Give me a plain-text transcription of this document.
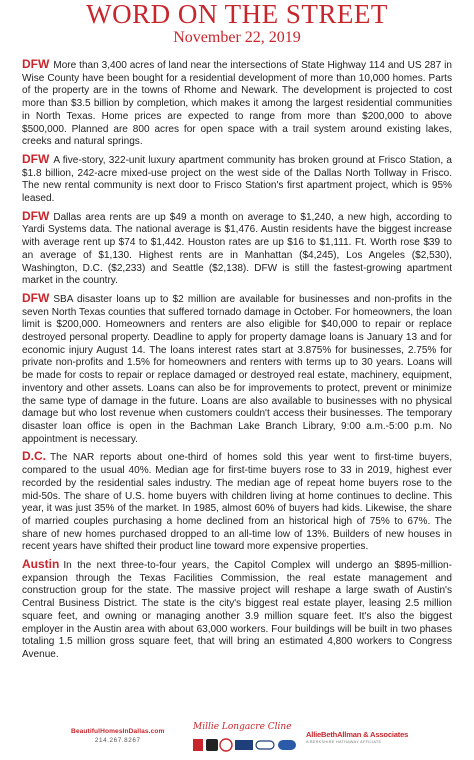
WORD ON THE STREET
November 22, 2019

DFW More than 3,400 acres of land near the intersections of State Highway 114 and US 287 in Wise County have been bought for a residential development of more than 10,000 homes. Parts of the property are in the towns of Rhome and Newark. The development is projected to cost more than $3.5 billion by completion, which makes it among the largest residential communities in North Texas. Home prices are expected to range from more than $200,000 to above $500,000. Planned are 800 acres for open space with a trail system around existing lakes, creeks and natural springs.

DFW A five-story, 322-unit luxury apartment community has broken ground at Frisco Station, a $1.8 billion, 242-acre mixed-use project on the west side of the Dallas North Tollway in Frisco. The new rental community is next door to Frisco Station's first apartment project, which is 95% leased.

DFW Dallas area rents are up $49 a month on average to $1,240, a new high, according to Yardi Systems data. The national average is $1,476. Austin residents have the biggest increase with average rent up $74 to $1,442. Houston rates are up $16 to $1,111. Ft. Worth rose $39 to an average of $1,130. Highest rents are in Manhattan ($4,245), Los Angeles ($2,530), Washington, D.C. ($2,233) and Seattle ($2,138). DFW is still the fastest-growing apartment market in the country.

DFW SBA disaster loans up to $2 million are available for businesses and non-profits in the seven North Texas counties that suffered tornado damage in October. For homeowners, the loan limit is $200,000. Homeowners and renters are also eligible for $40,000 to repair or replace destroyed personal property. Deadline to apply for property damage loans is January 13 and for economic injury August 14. The loans interest rates start at 3.875% for businesses, 2.75% for private non-profits and 1.5% for homeowners and renters with terms up to 30 years. Loans will be made for costs to repair or replace damaged or destroyed real estate, machinery, equipment, inventory and other assets. Loans can also be for improvements to protect, prevent or minimize the same type of damage in the future. Loans are also available to businesses with no physical damage but who lost revenue when customers couldn't access their businesses. The temporary disaster loan office is open in the Bachman Lake Branch Library, 9:00 a.m.-5:00 p.m. No appointment is necessary.

D.C. The NAR reports about one-third of homes sold this year went to first-time buyers, compared to the usual 40%. Median age for first-time buyers rose to 33 in 2019, highest ever recorded by the residential sales industry. The median age of repeat home buyers rose to the mid-50s. The share of U.S. home buyers with children living at home continues to decline. This year, it was just 35% of the market. In 1985, almost 60% of buyers had kids. Likewise, the share of married couples purchasing a home declined from an historical high of 75% to 67%. The share of new homes purchased dropped to an all-time low of 13%. Builders of new houses in recent years have shifted their product line toward more expensive properties.

Austin In the next three-to-four years, the Capitol Complex will undergo an $895-million-expansion through the Texas Facilities Commission, the real estate management and construction group for the state. The massive project will reshape a large swath of Austin's Central Business District. The state is the city's biggest real estate player, leasing 2.5 million square feet, and owning or managing another 3.9 million square feet. It's also the biggest employer in the Austin area with about 63,000 workers. Four buildings will be built in two phases totaling 1.5 million gross square feet, that will bring an estimated 4,800 workers to Congress Avenue.

BeautifulHomesInDallas.com
214.267.8267
Millie Longacre Cline
AllieBethAllman & Associates
A BERKSHIRE HATHAWAY AFFILIATE
